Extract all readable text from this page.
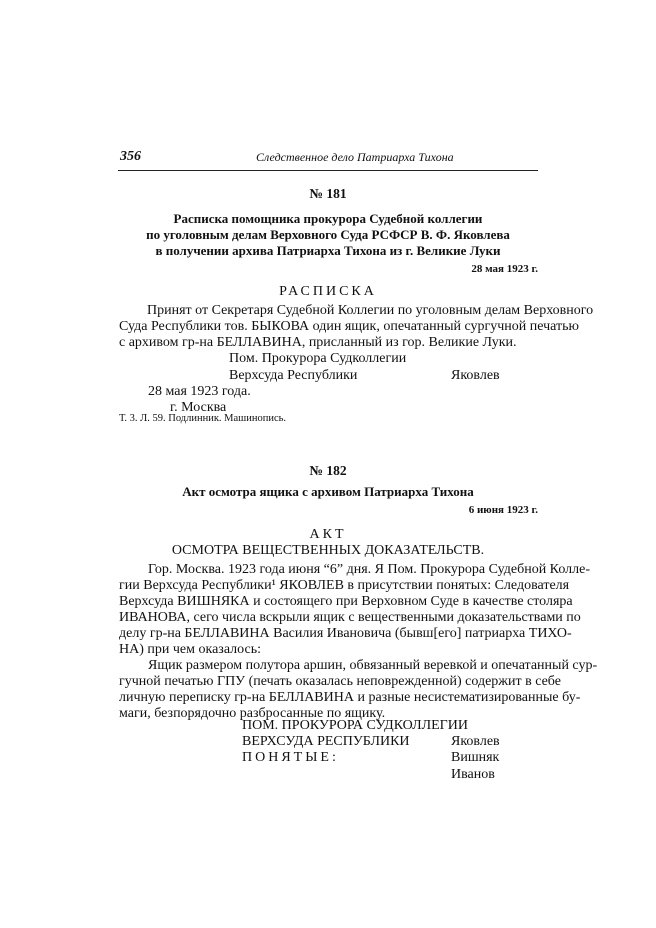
356	Следственное дело Патриарха Тихона
№ 181
Расписка помощника прокурора Судебной коллегии
по уголовным делам Верховного Суда РСФСР В. Ф. Яковлева
в получении архива Патриарха Тихона из г. Великие Луки
28 мая 1923 г.
РАСПИСКА
Принят от Секретаря Судебной Коллегии по уголовным делам Верховного
Суда Республики тов. БЫКОВА один ящик, опечатанный сургучной печатью
с архивом гр-на БЕЛЛАВИНА, присланный из гор. Великие Луки.
Пом. Прокурора Судколлегии
Верхсуда Республики	Яковлев
28 мая 1923 года.
г. Москва
Т. 3. Л. 59. Подлинник. Машинопись.
№ 182
Акт осмотра ящика с архивом Патриарха Тихона
6 июня 1923 г.
АКТ
ОСМОТРА ВЕЩЕСТВЕННЫХ ДОКАЗАТЕЛЬСТВ.
Гор. Москва. 1923 года июня “6” дня. Я Пом. Прокурора Судебной Колле-
гии Верхсуда Республики¹ ЯКОВЛЕВ в присутствии понятых: Следователя
Верхсуда ВИШНЯКА и состоящего при Верховном Суде в качестве столяра
ИВАНОВА, сего числа вскрыли ящик с вещественными доказательствами по
делу гр-на БЕЛЛАВИНА Василия Ивановича (бывш[его] патриарха ТИХО-
НА) при чем оказалось:
Ящик размером полутора аршин, обвязанный веревкой и опечатанный сур-
гучной печатью ГПУ (печать оказалась неповрежденной) содержит в себе
личную переписку гр-на БЕЛЛАВИНА и разные несистематизированные бу-
маги, безпорядочно разбросанные по ящику.
ПОМ. ПРОКУРОРА СУДКОЛЛЕГИИ
ВЕРХСУДА РЕСПУБЛИКИ
ПОНЯТЫЕ:
Яковлев
Вишняк
Иванов
